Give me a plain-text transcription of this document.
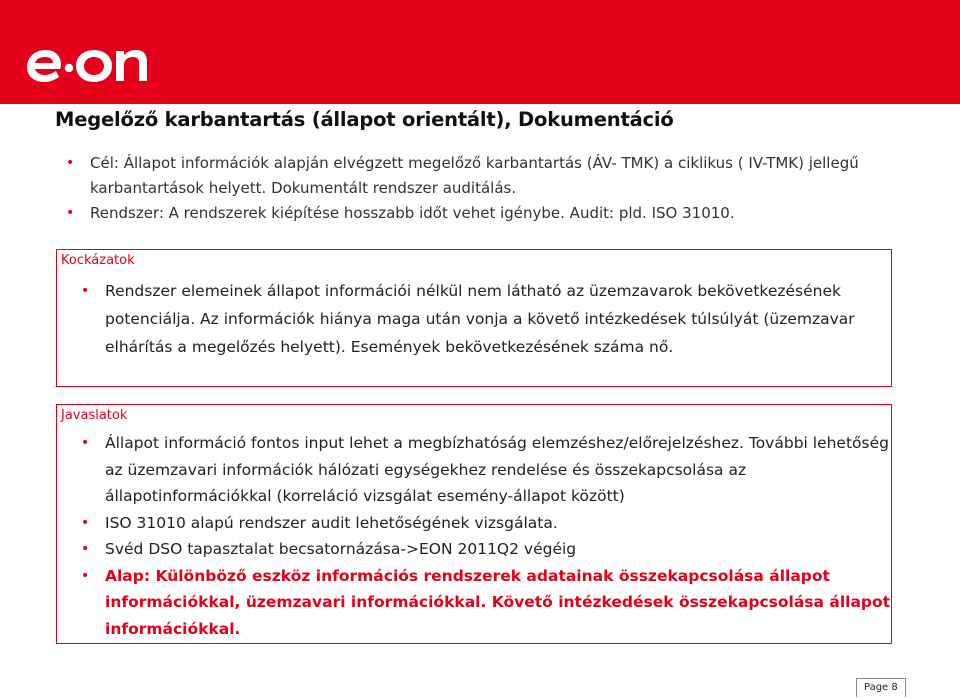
Megelőző karbantartás (állapot orientált), Dokumentáció
• Cél: Állapot információk alapján elvégzett megelőző karbantartás (ÁV- TMK) a ciklikus ( IV-TMK) jellegű karbantartások helyett. Dokumentált rendszer auditálás.
• Rendszer: A rendszerek kiépítése hosszabb időt vehet igénybe. Audit: pld. ISO 31010.
Kockázatok
• Rendszer elemeinek állapot információi nélkül nem látható az üzemzavarok bekövetkezésének potenciálja. Az információk hiánya maga után vonja a követő intézkedések túlsúlyát (üzemzavar elhárítás a megelőzés helyett). Események bekövetkezésének száma nő.
Javaslatok
• Állapot információ fontos input lehet a megbízhatóság elemzéshez/előrejelzéshez. További lehetőség az üzemzavari információk hálózati egységekhez rendelése és összekapcsolása az állapotinformációkkal (korreláció vizsgálat esemény-állapot között)
• ISO 31010 alapú rendszer audit lehetőségének vizsgálata.
• Svéd DSO tapasztalat becsatornázása->EON 2011Q2 végéig
• Alap: Különböző eszköz információs rendszerek adatainak összekapcsolása állapot információkkal, üzemzavari információkkal. Követő intézkedések összekapcsolása állapot információkkal.
Page 8
